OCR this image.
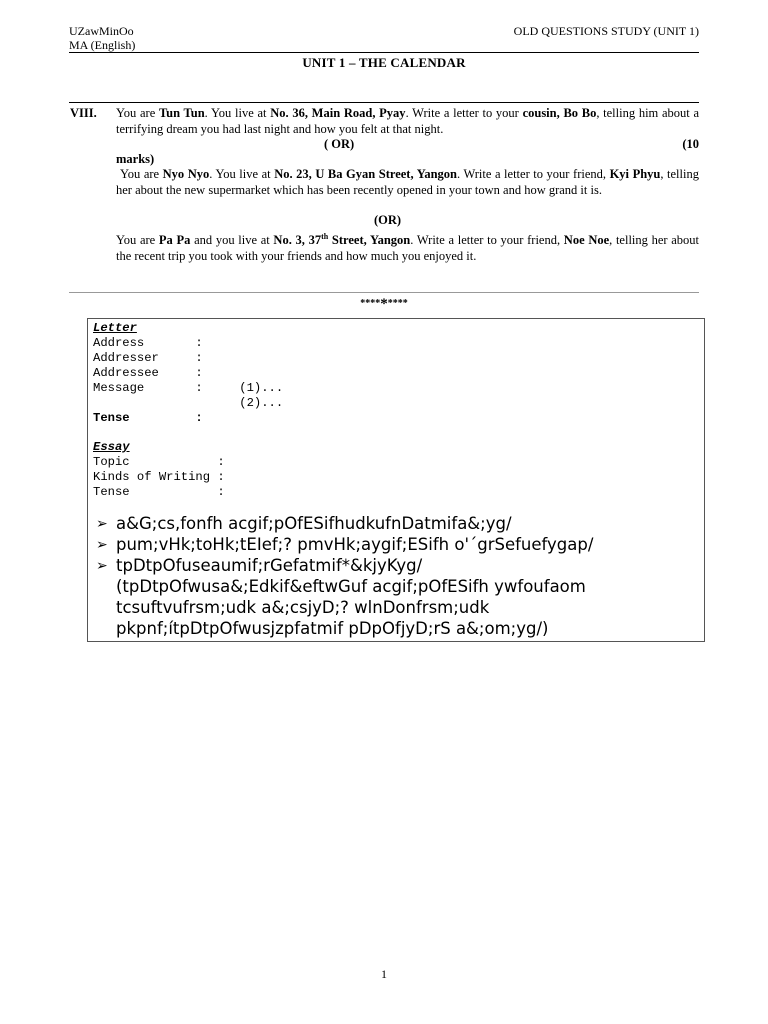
UZawMinOo
MA (English)
OLD QUESTIONS STUDY (UNIT 1)
UNIT 1 – THE CALENDAR
VIII. You are Tun Tun. You live at No. 36, Main Road, Pyay. Write a letter to your cousin, Bo Bo, telling him about a terrifying dream you had last night and how you felt at that night.
( OR)	(10
marks)
You are Nyo Nyo. You live at No. 23, U Ba Gyan Street, Yangon. Write a letter to your friend, Kyi Phyu, telling her about the new supermarket which has been recently opened in your town and how grand it is.
(OR)
You are Pa Pa and you live at No. 3, 37th Street, Yangon. Write a letter to your friend, Noe Noe, telling her about the recent trip you took with your friends and how much you enjoyed it.
*********
Letter
Address       :
Addresser     :
Addressee     :
Message       :     (1)...
(2)...
Tense         :
Essay
Topic            :
Kinds of Writing :
Tense            :
➢ a&G;cs,fonfh acgif;pOfESifhudkufnDatmifa&;yg/
➢ pum;vHk;toHk;tEIef;? pmvHk;aygif;ESifh o'´grSefuefygap/
➢ tpDtpOfuseaumif;rGefatmif*&kjyKyg/
(tpDtpOfwusa&;Edkif&eftwGuf acgif;pOfESifh ywfoufaom
tcsuftvufrsm;udk a&;csjyD;? wlnDonfrsm;udk
pkpnf;ítpDtpOfwusjzpfatmif pDpOfjyD;rS a&;om;yg/)
1
